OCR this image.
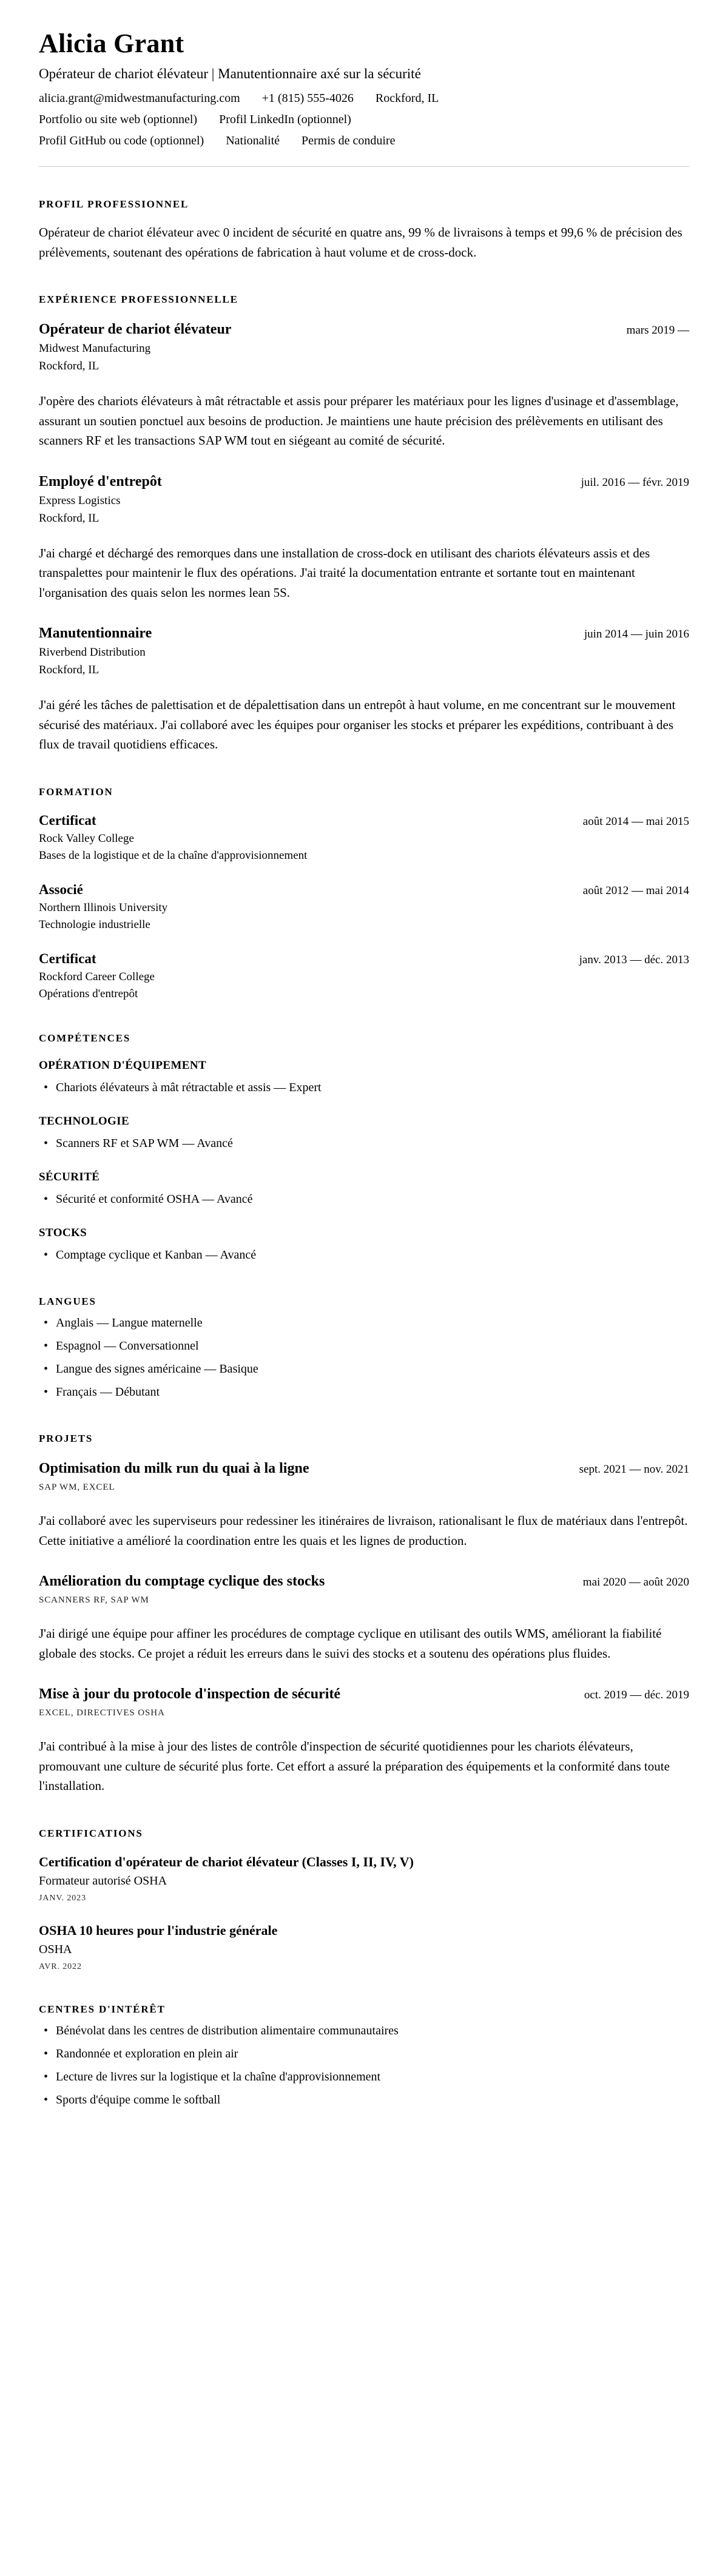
Alicia Grant
Opérateur de chariot élévateur | Manutentionnaire axé sur la sécurité
alicia.grant@midwestmanufacturing.com +1 (815) 555-4026 Rockford, IL
Portfolio ou site web (optionnel) Profil LinkedIn (optionnel)
Profil GitHub ou code (optionnel) Nationalité Permis de conduire
PROFIL PROFESSIONNEL

Opérateur de chariot élévateur avec 0 incident de sécurité en quatre ans, 99 % de livraisons à temps et 99,6 % de précision des prélèvements, soutenant des opérations de fabrication à haut volume et de cross-dock.

EXPÉRIENCE PROFESSIONNELLE
Opérateur de chariot élévateur	mars 2019 —
Midwest Manufacturing
Rockford, IL

J'opère des chariots élévateurs à mât rétractable et assis pour préparer les matériaux pour les lignes d'usinage et d'assemblage, assurant un soutien ponctuel aux besoins de production. Je maintiens une haute précision des prélèvements en utilisant des scanners RF et les transactions SAP WM tout en siégeant au comité de sécurité.

Employé d'entrepôt	juil. 2016 — févr. 2019
Express Logistics
Rockford, IL

J'ai chargé et déchargé des remorques dans une installation de cross-dock en utilisant des chariots élévateurs assis et des transpalettes pour maintenir le flux des opérations. J'ai traité la documentation entrante et sortante tout en maintenant l'organisation des quais selon les normes lean 5S.

Manutentionnaire	juin 2014 — juin 2016
Riverbend Distribution
Rockford, IL

J'ai géré les tâches de palettisation et de dépalettisation dans un entrepôt à haut volume, en me concentrant sur le mouvement sécurisé des matériaux. J'ai collaboré avec les équipes pour organiser les stocks et préparer les expéditions, contribuant à des flux de travail quotidiens efficaces.

FORMATION
Certificat	août 2014 — mai 2015
Rock Valley College
Bases de la logistique et de la chaîne d'approvisionnement
Associé	août 2012 — mai 2014
Northern Illinois University
Technologie industrielle
Certificat	janv. 2013 — déc. 2013
Rockford Career College
Opérations d'entrepôt
COMPÉTENCES
OPÉRATION D'ÉQUIPEMENT
• Chariots élévateurs à mât rétractable et assis — Expert
TECHNOLOGIE
• Scanners RF et SAP WM — Avancé
SÉCURITÉ
• Sécurité et conformité OSHA — Avancé
STOCKS
• Comptage cyclique et Kanban — Avancé
LANGUES
• Anglais — Langue maternelle
• Espagnol — Conversationnel
• Langue des signes américaine — Basique
• Français — Débutant
PROJETS
Optimisation du milk run du quai à la ligne	sept. 2021 — nov. 2021
SAP WM, EXCEL

J'ai collaboré avec les superviseurs pour redessiner les itinéraires de livraison, rationalisant le flux de matériaux dans l'entrepôt. Cette initiative a amélioré la coordination entre les quais et les lignes de production.

Amélioration du comptage cyclique des stocks	mai 2020 — août 2020
SCANNERS RF, SAP WM

J'ai dirigé une équipe pour affiner les procédures de comptage cyclique en utilisant des outils WMS, améliorant la fiabilité globale des stocks. Ce projet a réduit les erreurs dans le suivi des stocks et a soutenu des opérations plus fluides.

Mise à jour du protocole d'inspection de sécurité	oct. 2019 — déc. 2019
EXCEL, DIRECTIVES OSHA

J'ai contribué à la mise à jour des listes de contrôle d'inspection de sécurité quotidiennes pour les chariots élévateurs, promouvant une culture de sécurité plus forte. Cet effort a assuré la préparation des équipements et la conformité dans toute l'installation.

CERTIFICATIONS
Certification d'opérateur de chariot élévateur (Classes I, II, IV, V)
Formateur autorisé OSHA
JANV. 2023
OSHA 10 heures pour l'industrie générale
OSHA
AVR. 2022
CENTRES D'INTÉRÊT
• Bénévolat dans les centres de distribution alimentaire communautaires
• Randonnée et exploration en plein air
• Lecture de livres sur la logistique et la chaîne d'approvisionnement
• Sports d'équipe comme le softball
